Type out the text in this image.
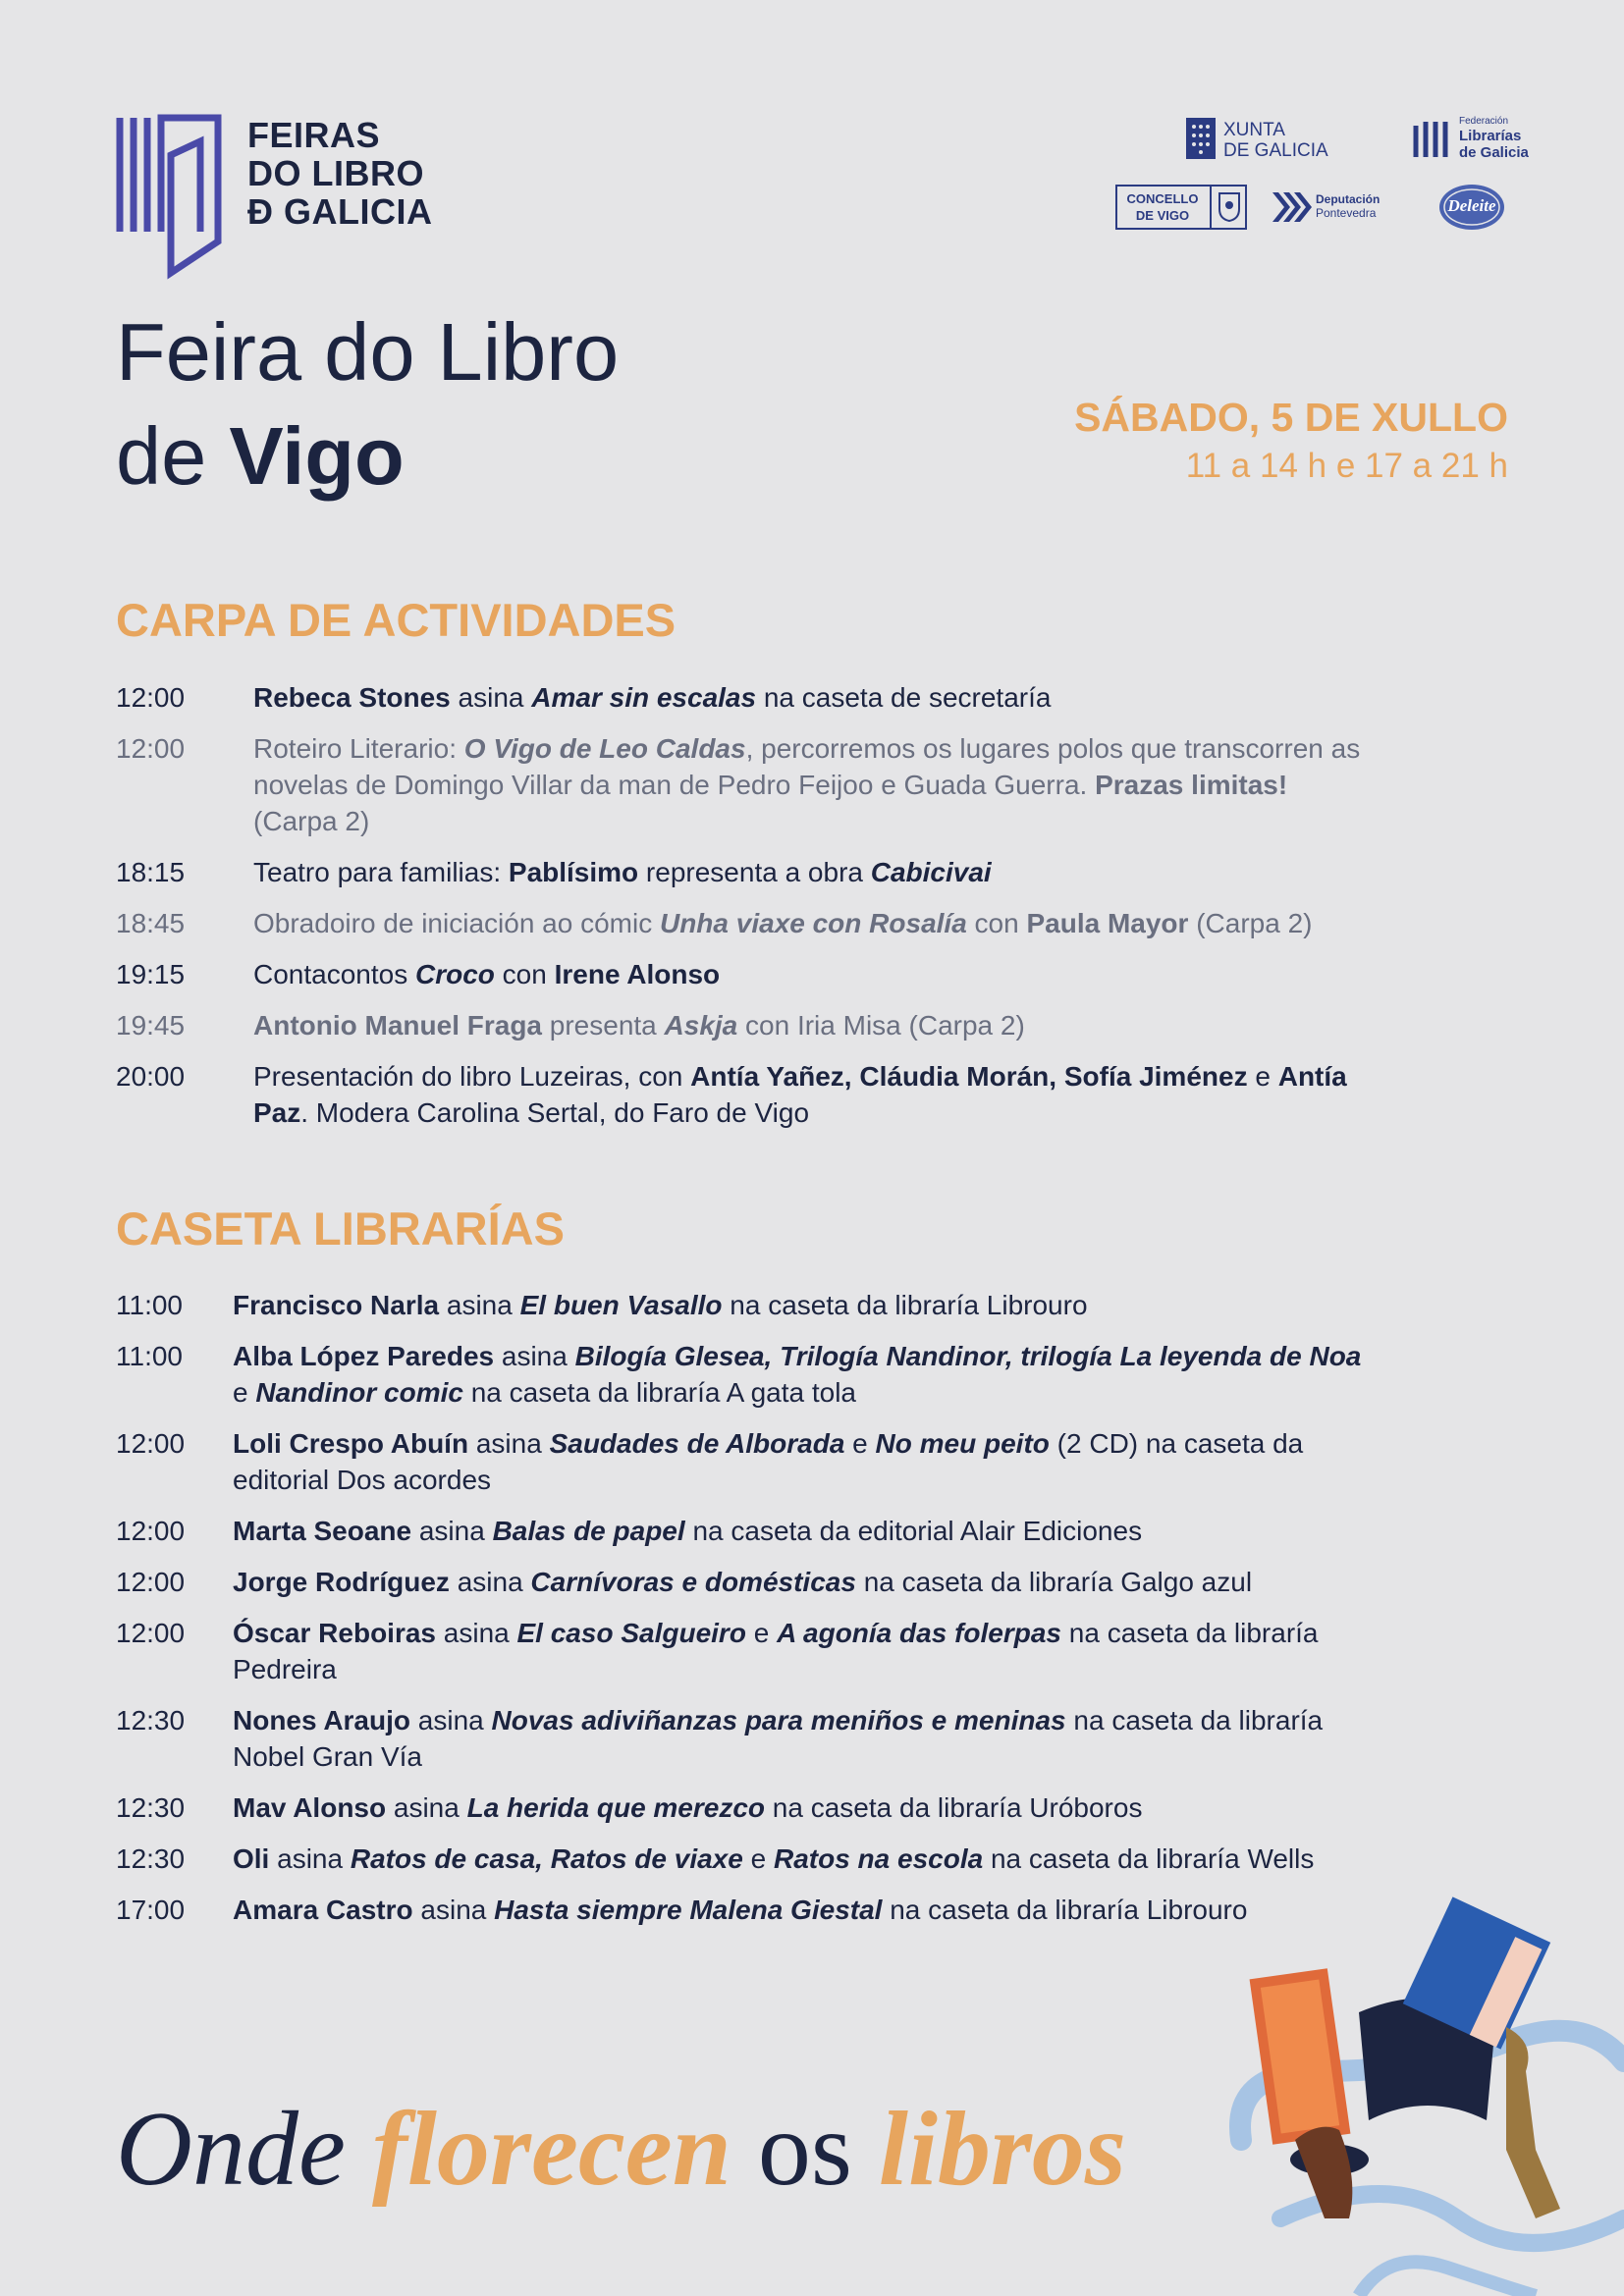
FEIRAS
DO LIBRO
Ð GALICIA
XUNTA
DE GALICIA
Federación
Librarías
de Galicia
CONCELLO
DE VIGO
Deputación
Pontevedra	Deleite
Feira do Libro
de Vigo	SÁBADO, 5 DE XULLO
11 a 14 h e 17 a 21 h
CARPA DE ACTIVIDADES
12:00	Rebeca Stones asina Amar sin escalas na caseta de secretaría
12:00	Roteiro Literario: O Vigo de Leo Caldas, percorremos os lugares polos que transcorren as novelas de Domingo Villar da man de Pedro Feijoo e Guada Guerra. Prazas limitas! (Carpa 2)
18:15	Teatro para familias: Pablísimo representa a obra Cabicivai
18:45	Obradoiro de iniciación ao cómic Unha viaxe con Rosalía con Paula Mayor (Carpa 2)
19:15	Contacontos Croco con Irene Alonso
19:45	Antonio Manuel Fraga presenta Askja con Iria Misa (Carpa 2)
20:00	Presentación do libro Luzeiras, con Antía Yañez, Cláudia Morán, Sofía Jiménez e Antía Paz. Modera Carolina Sertal, do Faro de Vigo
CASETA LIBRARÍAS
11:00	Francisco Narla asina El buen Vasallo na caseta da libraría Librouro
11:00	Alba López Paredes asina Bilogía Glesea, Trilogía Nandinor, trilogía La leyenda de Noa e Nandinor comic na caseta da libraría A gata tola
12:00	Loli Crespo Abuín asina Saudades de Alborada e No meu peito (2 CD) na caseta da editorial Dos acordes
12:00	Marta Seoane asina Balas de papel na caseta da editorial Alair Ediciones
12:00	Jorge Rodríguez asina Carnívoras e domésticas na caseta da libraría Galgo azul
12:00	Óscar Reboiras asina El caso Salgueiro e A agonía das folerpas na caseta da libraría Pedreira
12:30	Nones Araujo asina Novas adiviñanzas para meniños e meninas na caseta da libraría Nobel Gran Vía
12:30	Mav Alonso asina La herida que merezco na caseta da libraría Uróboros
12:30	Oli asina Ratos de casa, Ratos de viaxe e Ratos na escola na caseta da libraría Wells
17:00	Amara Castro asina Hasta siempre Malena Giestal na caseta da libraría Librouro
Onde florecen os libros
